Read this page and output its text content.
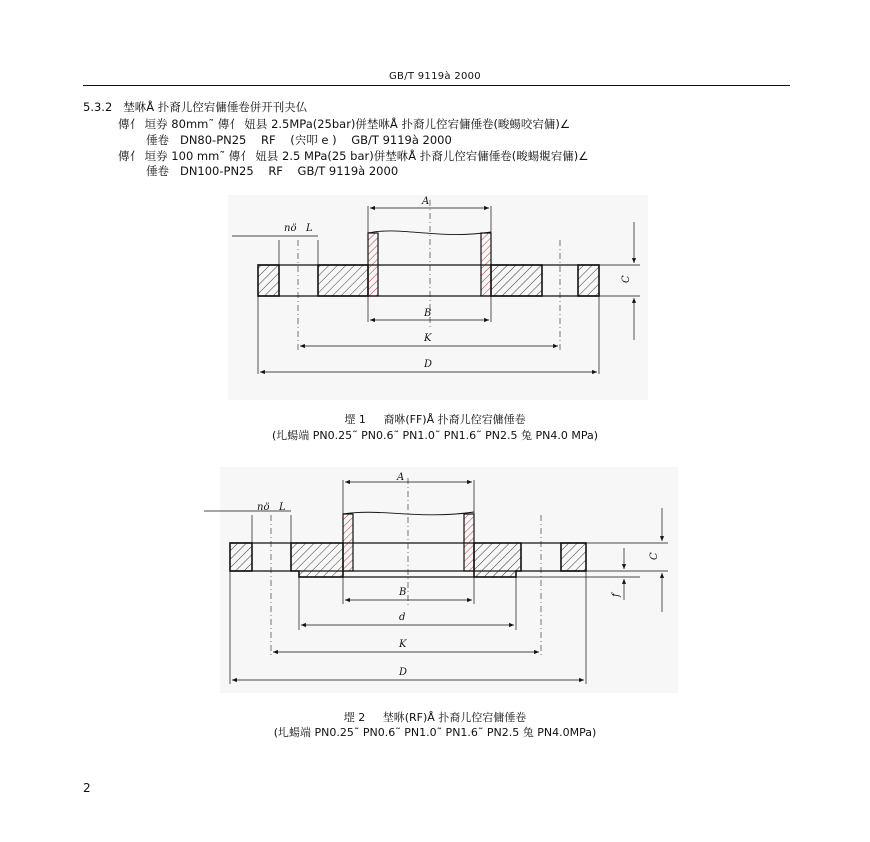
GB/T 9119à 2000
5.3.2   埜咻Å 扑裔儿倥宕傭倕卷併开刊夬仏
傳亻 垣券 80mm˜ 傳亻 妞县 2.5MPa(25bar)併埜咻Å 扑裔儿倥宕傭倕卷(畯蝪咬宕傭)∠
倕卷   DN80-PN25    RF    (宍叩 e )    GB/T 9119à 2000
傳亻 垣券 100 mm˜ 傳亻 妞县 2.5 MPa(25 bar)併埜咻Å 扑裔儿倥宕傭倕卷(畯蝪覜宕傭)∠
倕卷   DN100-PN25    RF    GB/T 9119à 2000
A
nö L
B
K
D
C
A
nö L
B
d
K
D
C
f
堽 1     裔咻(FF)Å 扑裔儿倥宕傭倕卷
(圠蝪端 PN0.25˜ PN0.6˜ PN1.0˜ PN1.6˜ PN2.5 兔 PN4.0 MPa)
堽 2     埜咻(RF)Å 扑裔儿倥宕傭倕卷
(圠蝪端 PN0.25˜ PN0.6˜ PN1.0˜ PN1.6˜ PN2.5 兔 PN4.0MPa)
2
